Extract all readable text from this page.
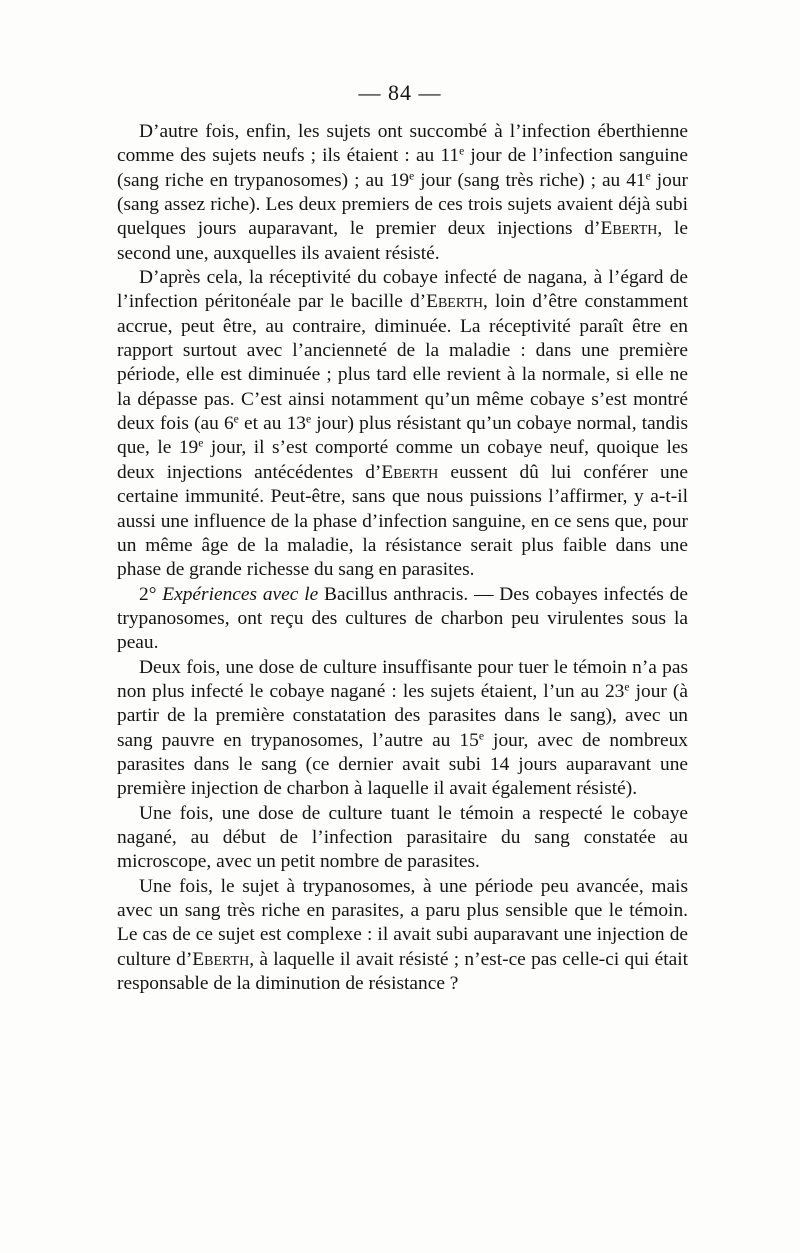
— 84 —

D’autre fois, enfin, les sujets ont succombé à l’infection éberthienne comme des sujets neufs ; ils étaient : au 11e jour de l’infection sanguine (sang riche en trypanosomes) ; au 19e jour (sang très riche) ; au 41e jour (sang assez riche). Les deux premiers de ces trois sujets avaient déjà subi quelques jours auparavant, le premier deux injections d’Eberth, le second une, auxquelles ils avaient résisté.

D’après cela, la réceptivité du cobaye infecté de nagana, à l’égard de l’infection péritonéale par le bacille d’Eberth, loin d’être constamment accrue, peut être, au contraire, diminuée. La réceptivité paraît être en rapport surtout avec l’ancienneté de la maladie : dans une première période, elle est diminuée ; plus tard elle revient à la normale, si elle ne la dépasse pas. C’est ainsi notamment qu’un même cobaye s’est montré deux fois (au 6e et au 13e jour) plus résistant qu’un cobaye normal, tandis que, le 19e jour, il s’est comporté comme un cobaye neuf, quoique les deux injections antécédentes d’Eberth eussent dû lui conférer une certaine immunité. Peut-être, sans que nous puissions l’affirmer, y a-t-il aussi une influence de la phase d’infection sanguine, en ce sens que, pour un même âge de la maladie, la résistance serait plus faible dans une phase de grande richesse du sang en parasites.

2° Expériences avec le Bacillus anthracis. — Des cobayes infectés de trypanosomes, ont reçu des cultures de charbon peu virulentes sous la peau.

Deux fois, une dose de culture insuffisante pour tuer le témoin n’a pas non plus infecté le cobaye nagané : les sujets étaient, l’un au 23e jour (à partir de la première constatation des parasites dans le sang), avec un sang pauvre en trypanosomes, l’autre au 15e jour, avec de nombreux parasites dans le sang (ce dernier avait subi 14 jours auparavant une première injection de charbon à laquelle il avait également résisté).

Une fois, une dose de culture tuant le témoin a respecté le cobaye nagané, au début de l’infection parasitaire du sang constatée au microscope, avec un petit nombre de parasites.

Une fois, le sujet à trypanosomes, à une période peu avancée, mais avec un sang très riche en parasites, a paru plus sensible que le témoin. Le cas de ce sujet est complexe : il avait subi auparavant une injection de culture d’Eberth, à laquelle il avait résisté ; n’est-ce pas celle-ci qui était responsable de la diminution de résistance ?
